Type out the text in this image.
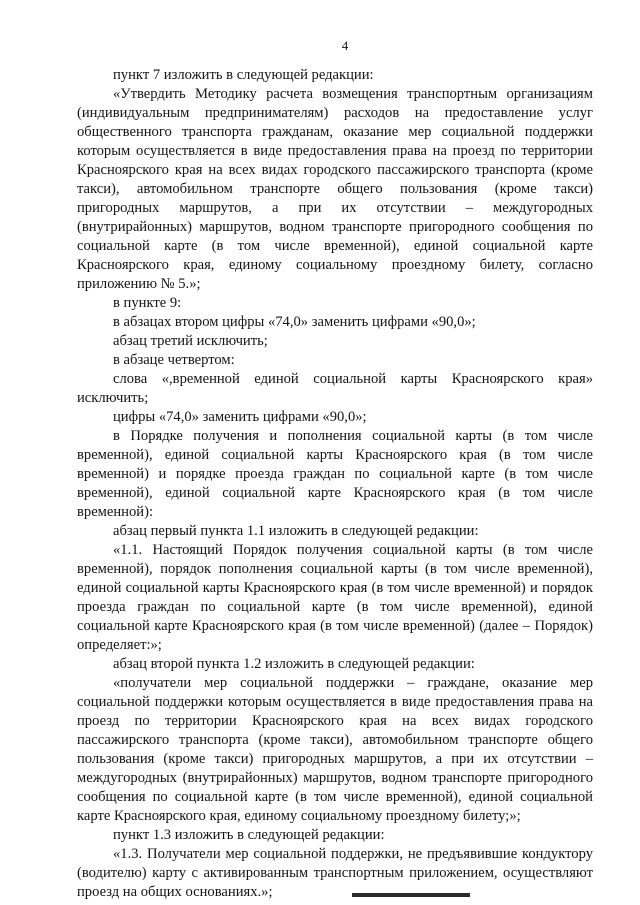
4

пункт 7 изложить в следующей редакции:

«Утвердить Методику расчета возмещения транспортным организациям (индивидуальным предпринимателям) расходов на предоставление услуг общественного транспорта гражданам, оказание мер социальной поддержки которым осуществляется в виде предоставления права на проезд по территории Красноярского края на всех видах городского пассажирского транспорта (кроме такси), автомобильном транспорте общего пользования (кроме такси) пригородных маршрутов, а при их отсутствии – междугородных (внутрирайонных) маршрутов, водном транспорте пригородного сообщения по социальной карте (в том числе временной), единой социальной карте Красноярского края, единому социальному проездному билету, согласно приложению № 5.»;

в пункте 9:

в абзацах втором цифры «74,0» заменить цифрами «90,0»;

абзац третий исключить;

в абзаце четвертом:

слова «,временной единой социальной карты Красноярского края» исключить;

цифры «74,0» заменить цифрами «90,0»;

в Порядке получения и пополнения социальной карты (в том числе временной), единой социальной карты Красноярского края (в том числе временной) и порядке проезда граждан по социальной карте (в том числе временной), единой социальной карте Красноярского края (в том числе временной):

абзац первый пункта 1.1 изложить в следующей редакции:

«1.1. Настоящий Порядок получения социальной карты (в том числе временной), порядок пополнения социальной карты (в том числе временной), единой социальной карты Красноярского края (в том числе временной) и порядок проезда граждан по социальной карте (в том числе временной), единой социальной карте Красноярского края (в том числе временной) (далее – Порядок) определяет:»;

абзац второй пункта 1.2 изложить в следующей редакции:

«получатели мер социальной поддержки – граждане, оказание мер социальной поддержки которым осуществляется в виде предоставления права на проезд по территории Красноярского края на всех видах городского пассажирского транспорта (кроме такси), автомобильном транспорте общего пользования (кроме такси) пригородных маршрутов, а при их отсутствии – междугородных (внутрирайонных) маршрутов, водном транспорте пригородного сообщения по социальной карте (в том числе временной), единой социальной карте Красноярского края, единому социальному проездному билету;»;

пункт 1.3 изложить в следующей редакции:

«1.3. Получатели мер социальной поддержки, не предъявившие кондуктору (водителю) карту с активированным транспортным приложением, осуществляют проезд на общих основаниях.»;
